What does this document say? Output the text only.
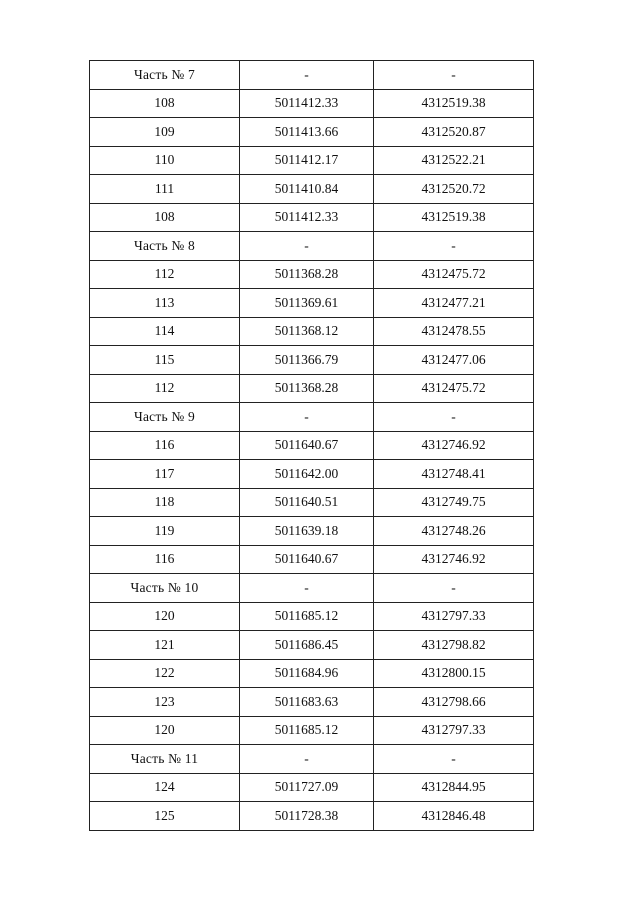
Часть № 7	-	-
108	5011412.33	4312519.38
109	5011413.66	4312520.87
110	5011412.17	4312522.21
111	5011410.84	4312520.72
108	5011412.33	4312519.38
Часть № 8	-	-
112	5011368.28	4312475.72
113	5011369.61	4312477.21
114	5011368.12	4312478.55
115	5011366.79	4312477.06
112	5011368.28	4312475.72
Часть № 9	-	-
116	5011640.67	4312746.92
117	5011642.00	4312748.41
118	5011640.51	4312749.75
119	5011639.18	4312748.26
116	5011640.67	4312746.92
Часть № 10	-	-
120	5011685.12	4312797.33
121	5011686.45	4312798.82
122	5011684.96	4312800.15
123	5011683.63	4312798.66
120	5011685.12	4312797.33
Часть № 11	-	-
124	5011727.09	4312844.95
125	5011728.38	4312846.48
